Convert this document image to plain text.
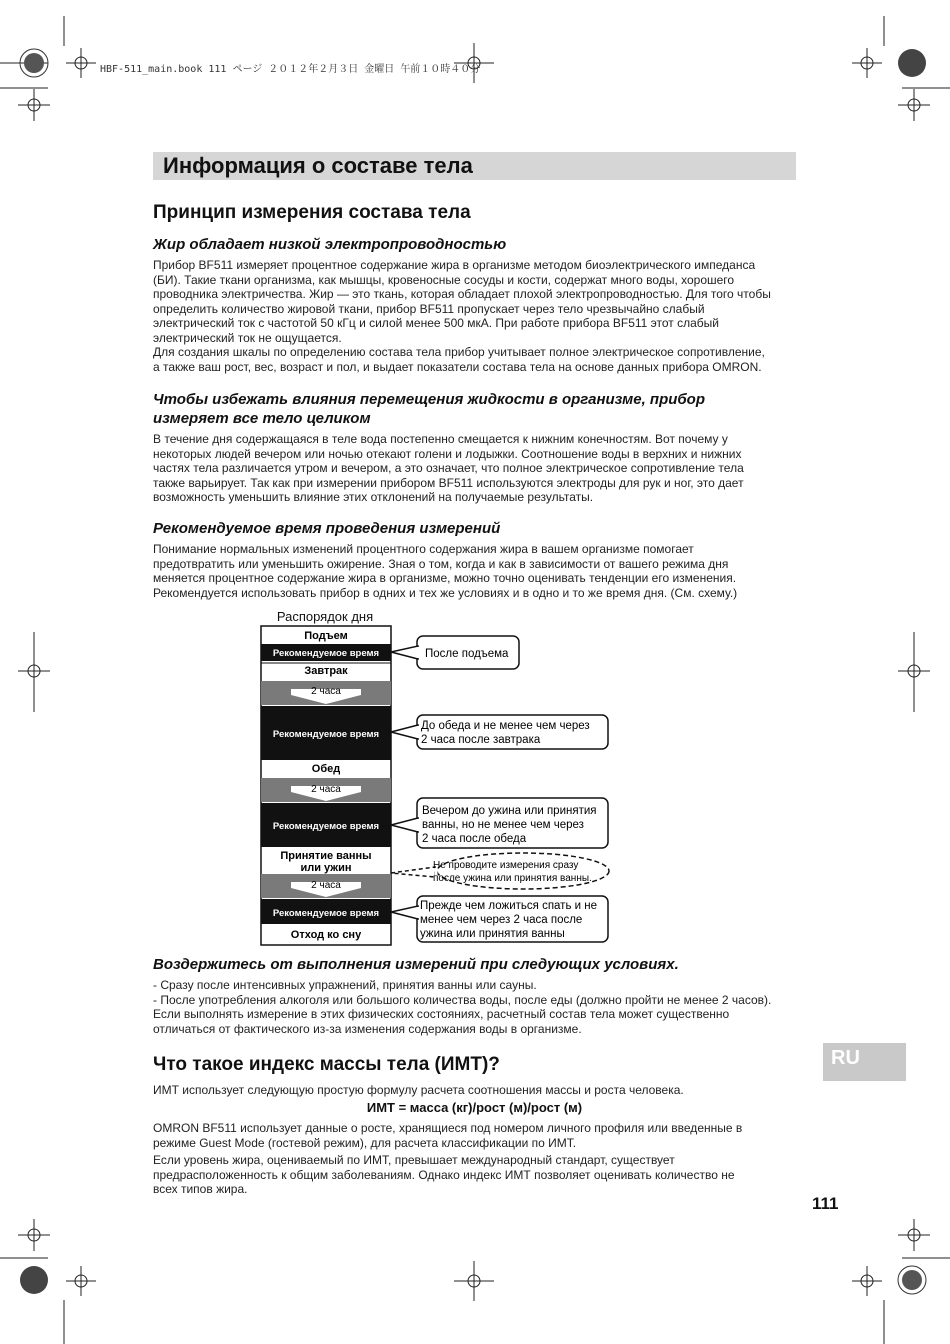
HBF-511_main.book 111 ページ ２０１２年２月３日 金曜日 午前１０時４０分
Информация о составе тела
Принцип измерения состава тела
Жир обладает низкой электропроводностью
Прибор BF511 измеряет процентное содержание жира в организме методом биоэлектрического импеданса
(БИ). Такие ткани организма, как мышцы, кровеносные сосуды и кости, содержат много воды, хорошего
проводника электричества. Жир — это ткань, которая обладает плохой электропроводностью. Для того чтобы
определить количество жировой ткани, прибор BF511 пропускает через тело чрезвычайно слабый
электрический ток с частотой 50 кГц и силой менее 500 мкА. При работе прибора BF511 этот слабый
электрический ток не ощущается.
Для создания шкалы по определению состава тела прибор учитывает полное электрическое сопротивление,
а также ваш рост, вес, возраст и пол, и выдает показатели состава тела на основе данных прибора OMRON.
Чтобы избежать влияния перемещения жидкости в организме, прибор
измеряет все тело целиком
В течение дня содержащаяся в теле вода постепенно смещается к нижним конечностям. Вот почему у
некоторых людей вечером или ночью отекают голени и лодыжки. Соотношение воды в верхних и нижних
частях тела различается утром и вечером, а это означает, что полное электрическое сопротивление тела
также варьирует. Так как при измерении прибором BF511 используются электроды для рук и ног, это дает
возможность уменьшить влияние этих отклонений на получаемые результаты.
Рекомендуемое время проведения измерений
Понимание нормальных изменений процентного содержания жира в вашем организме помогает
предотвратить или уменьшить ожирение. Зная о том, когда и как в зависимости от вашего режима дня
меняется процентное содержание жира в организме, можно точно оценивать тенденции его изменения.
Рекомендуется использовать прибор в одних и тех же условиях и в одно и то же время дня. (См. схему.)
Распорядок дня
Подъем
Рекомендуемое время
Завтрак
2 часа
Рекомендуемое время
Обед
2 часа
Рекомендуемое время
Принятие ванны
или ужин
2 часа
Рекомендуемое время
Отход ко сну
После подъема
До обеда и не менее чем через
2 часа после завтрака
Вечером до ужина или принятия
ванны, но не менее чем через
2 часа после обеда
Не проводите измерения сразу
после ужина или принятия ванны.
Прежде чем ложиться спать и не
менее чем через 2 часа после
ужина или принятия ванны
Воздержитесь от выполнения измерений при следующих условиях.
- Сразу после интенсивных упражнений, принятия ванны или сауны.
- После употребления алкоголя или большого количества воды, после еды (должно пройти не менее 2 часов).
Если выполнять измерение в этих физических состояниях, расчетный состав тела может существенно
отличаться от фактического из-за изменения содержания воды в организме.
Что такое индекс массы тела (ИМТ)?
ИМТ использует следующую простую формулу расчета соотношения массы и роста человека.
ИМТ = масса (кг)/рост (м)/рост (м)
OMRON BF511 использует данные о росте, хранящиеся под номером личного профиля или введенные в
режиме Guest Mode (гостевой режим), для расчета классификации по ИМТ.
Если уровень жира, оцениваемый по ИМТ, превышает международный стандарт, существует
предрасположенность к общим заболеваниям. Однако индекс ИМТ позволяет оценивать количество не
всех типов жира.
RU
111
